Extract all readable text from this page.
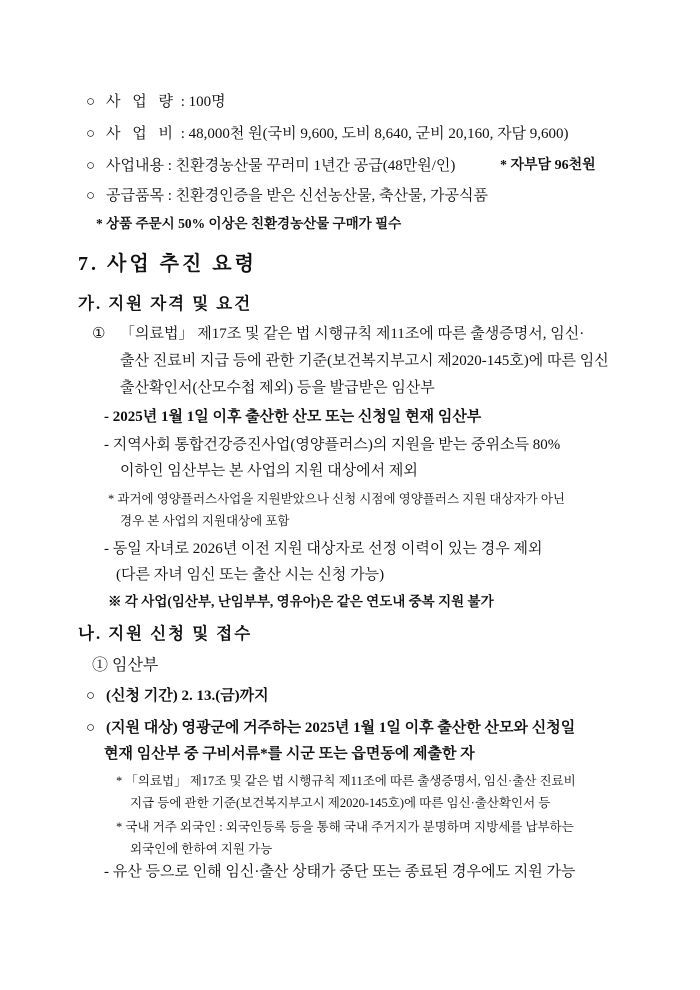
○ 사 업 량 : 100명
○ 사 업 비 : 48,000천 원(국비 9,600, 도비 8,640, 군비 20,160, 자담 9,600)
○ 사업내용 : 친환경농산물 꾸러미 1년간 공급(48만원/인)	* 자부담 96천원
○ 공급품목 : 친환경인증을 받은 신선농산물, 축산물, 가공식품
* 상품 주문시 50% 이상은 친환경농산물 구매가 필수
7. 사업 추진 요령
가. 지원 자격 및 요건
① 「의료법」 제17조 및 같은 법 시행규칙 제11조에 따른 출생증명서, 임신·
출산 진료비 지급 등에 관한 기준(보건복지부고시 제2020-145호)에 따른 임신
출산확인서(산모수첩 제외) 등을 발급받은 임산부
- 2025년 1월 1일 이후 출산한 산모 또는 신청일 현재 임산부
- 지역사회 통합건강증진사업(영양플러스)의 지원을 받는 중위소득 80%
이하인 임산부는 본 사업의 지원 대상에서 제외
* 과거에 영양플러스사업을 지원받았으나 신청 시점에 영양플러스 지원 대상자가 아닌
경우 본 사업의 지원대상에 포함
- 동일 자녀로 2026년 이전 지원 대상자로 선정 이력이 있는 경우 제외
(다른 자녀 임신 또는 출산 시는 신청 가능)
※ 각 사업(임산부, 난임부부, 영유아)은 같은 연도내 중복 지원 불가
나. 지원 신청 및 접수
① 임산부
○ (신청 기간) 2. 13.(금)까지
○ (지원 대상) 영광군에 거주하는 2025년 1월 1일 이후 출산한 산모와 신청일
현재 임산부 중 구비서류*를 시군 또는 읍면동에 제출한 자
* 「의료법」 제17조 및 같은 법 시행규칙 제11조에 따른 출생증명서, 임신·출산 진료비
지급 등에 관한 기준(보건복지부고시 제2020-145호)에 따른 임신·출산확인서 등
* 국내 거주 외국인 : 외국인등록 등을 통해 국내 주거지가 분명하며 지방세를 납부하는
외국인에 한하여 지원 가능
- 유산 등으로 인해 임신·출산 상태가 중단 또는 종료된 경우에도 지원 가능
